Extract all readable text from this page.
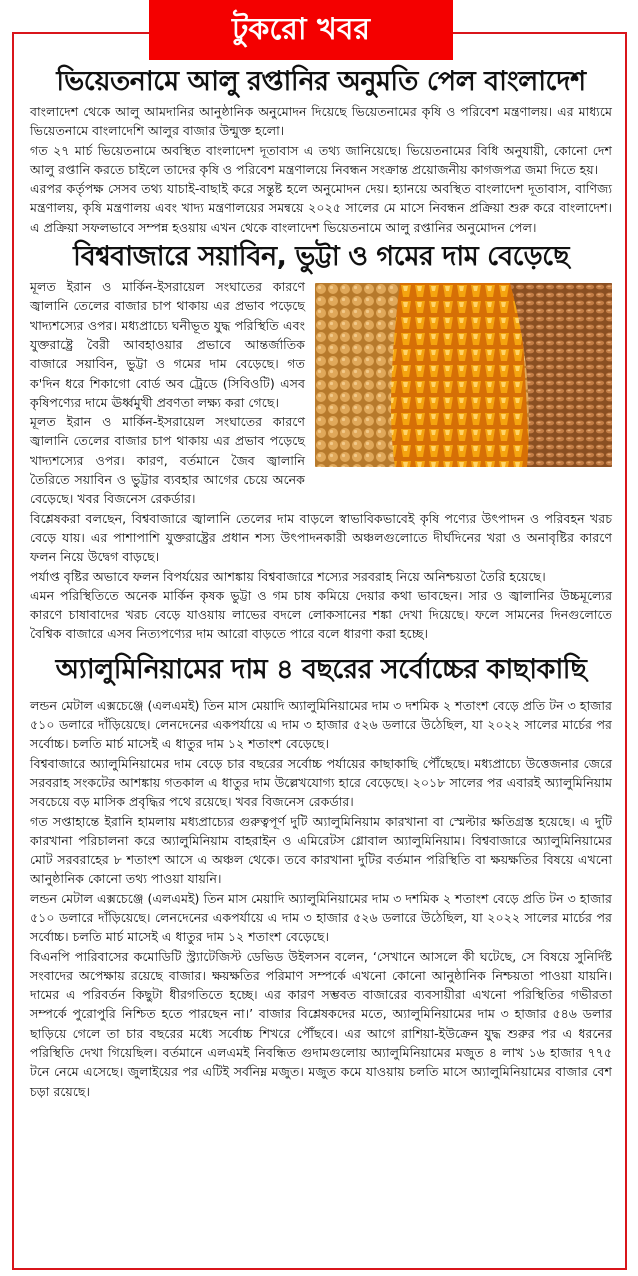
টুকরো খবর
ভিয়েতনামে আলু রপ্তানির অনুমতি পেল বাংলাদেশ

বাংলাদেশ থেকে আলু আমদানির আনুষ্ঠানিক অনুমোদন দিয়েছে ভিয়েতনামের কৃষি ও পরিবেশ মন্ত্রণালয়। এর মাধ্যমে ভিয়েতনামে বাংলাদেশি আলুর বাজার উন্মুক্ত হলো।

গত ২৭ মার্চ ভিয়েতনামে অবস্থিত বাংলাদেশ দূতাবাস এ তথ্য জানিয়েছে। ভিয়েতনামের বিধি অনুযায়ী, কোনো দেশ আলু রপ্তানি করতে চাইলে তাদের কৃষি ও পরিবেশ মন্ত্রণালয়ে নিবন্ধন সংক্রান্ত প্রয়োজনীয় কাগজপত্র জমা দিতে হয়।

এরপর কর্তৃপক্ষ সেসব তথ্য যাচাই-বাছাই করে সন্তুষ্ট হলে অনুমোদন দেয়। হ্যানয়ে অবস্থিত বাংলাদেশ দূতাবাস, বাণিজ্য মন্ত্রণালয়, কৃষি মন্ত্রণালয় এবং খাদ্য মন্ত্রণালয়ের সমন্বয়ে ২০২৫ সালের মে মাসে নিবন্ধন প্রক্রিয়া শুরু করে বাংলাদেশ। এ প্রক্রিয়া সফলভাবে সম্পন্ন হওয়ায় এখন থেকে বাংলাদেশ ভিয়েতনামে আলু রপ্তানির অনুমোদন পেল।

বিশ্ববাজারে সয়াবিন, ভুট্টা ও গমের দাম বেড়েছে

মূলত ইরান ও মার্কিন-ইসরায়েল সংঘাতের কারণে জ্বালানি তেলের বাজার চাপ থাকায় এর প্রভাব পড়েছে খাদ্যশস্যের ওপর। মধ্যপ্রাচ্যে ঘনীভূত যুদ্ধ পরিস্থিতি এবং যুক্তরাষ্ট্রে বৈরী আবহাওয়ার প্রভাবে আন্তর্জাতিক বাজারে সয়াবিন, ভুট্টা ও গমের দাম বেড়েছে। গত ক'দিন ধরে শিকাগো বোর্ড অব ট্রেডে (সিবিওটি) এসব কৃষিপণ্যের দামে ঊর্ধ্বমুখী প্রবণতা লক্ষ্য করা গেছে।

মূলত ইরান ও মার্কিন-ইসরায়েল সংঘাতের কারণে জ্বালানি তেলের বাজার চাপ থাকায় এর প্রভাব পড়েছে খাদ্যশস্যের ওপর। কারণ, বর্তমানে জৈব জ্বালানি তৈরিতে সয়াবিন ও ভুট্টার ব্যবহার আগের চেয়ে অনেক বেড়েছে। খবর বিজনেস রেকর্ডার।

বিশ্লেষকরা বলছেন, বিশ্ববাজারে জ্বালানি তেলের দাম বাড়লে স্বাভাবিকভাবেই কৃষি পণ্যের উৎপাদন ও পরিবহন খরচ বেড়ে যায়। এর পাশাপাশি যুক্তরাষ্ট্রের প্রধান শস্য উৎপাদনকারী অঞ্চলগুলোতে দীর্ঘদিনের খরা ও অনাবৃষ্টির কারণে ফলন নিয়ে উদ্বেগ বাড়ছে।

পর্যাপ্ত বৃষ্টির অভাবে ফলন বিপর্যয়ের আশঙ্কায় বিশ্ববাজারে শস্যের সরবরাহ নিয়ে অনিশ্চয়তা তৈরি হয়েছে।

এমন পরিস্থিতিতে অনেক মার্কিন কৃষক ভুট্টা ও গম চাষ কমিয়ে দেয়ার কথা ভাবছেন। সার ও জ্বালানির উচ্চমূল্যের কারণে চাষাবাদের খরচ বেড়ে যাওয়ায় লাভের বদলে লোকসানের শঙ্কা দেখা দিয়েছে। ফলে সামনের দিনগুলোতে বৈশ্বিক বাজারে এসব নিত্যপণ্যের দাম আরো বাড়তে পারে বলে ধারণা করা হচ্ছে।

অ্যালুমিনিয়ামের দাম ৪ বছরের সর্বোচ্চের কাছাকাছি

লন্ডন মেটাল এক্সচেঞ্জে (এলএমই) তিন মাস মেয়াদি অ্যালুমিনিয়ামের দাম ৩ দশমিক ২ শতাংশ বেড়ে প্রতি টন ৩ হাজার ৫১০ ডলারে দাঁড়িয়েছে। লেনদেনের একপর্যায়ে এ দাম ৩ হাজার ৫২৬ ডলারে উঠেছিল, যা ২০২২ সালের মার্চের পর সর্বোচ্চ। চলতি মার্চ মাসেই এ ধাতুর দাম ১২ শতাংশ বেড়েছে।

বিশ্ববাজারে অ্যালুমিনিয়ামের দাম বেড়ে চার বছরের সর্বোচ্চ পর্যায়ের কাছাকাছি পৌঁছেছে। মধ্যপ্রাচ্যে উত্তেজনার জেরে সরবরাহ সংকটের আশঙ্কায় গতকাল এ ধাতুর দাম উল্লেখযোগ্য হারে বেড়েছে। ২০১৮ সালের পর এবারই অ্যালুমিনিয়াম সবচেয়ে বড় মাসিক প্রবৃদ্ধির পথে রয়েছে। খবর বিজনেস রেকর্ডার।

গত সপ্তাহান্তে ইরানি হামলায় মধ্যপ্রাচ্যের গুরুত্বপূর্ণ দুটি অ্যালুমিনিয়াম কারখানা বা স্মেল্টার ক্ষতিগ্রস্ত হয়েছে। এ দুটি কারখানা পরিচালনা করে অ্যালুমিনিয়াম বাহরাইন ও এমিরেটস গ্লোবাল অ্যালুমিনিয়াম। বিশ্ববাজারে অ্যালুমিনিয়ামের মোট সরবরাহের ৮ শতাংশ আসে এ অঞ্চল থেকে। তবে কারখানা দুটির বর্তমান পরিস্থিতি বা ক্ষয়ক্ষতির বিষয়ে এখনো আনুষ্ঠানিক কোনো তথ্য পাওয়া যায়নি।

লন্ডন মেটাল এক্সচেঞ্জে (এলএমই) তিন মাস মেয়াদি অ্যালুমিনিয়ামের দাম ৩ দশমিক ২ শতাংশ বেড়ে প্রতি টন ৩ হাজার ৫১০ ডলারে দাঁড়িয়েছে। লেনদেনের একপর্যায়ে এ দাম ৩ হাজার ৫২৬ ডলারে উঠেছিল, যা ২০২২ সালের মার্চের পর সর্বোচ্চ। চলতি মার্চ মাসেই এ ধাতুর দাম ১২ শতাংশ বেড়েছে।

বিএনপি পারিবাসের কমোডিটি স্ট্র্যাটেজিস্ট ডেভিড উইলসন বলেন, ‘সেখানে আসলে কী ঘটেছে, সে বিষয়ে সুনির্দিষ্ট সংবাদের অপেক্ষায় রয়েছে বাজার। ক্ষয়ক্ষতির পরিমাণ সম্পর্কে এখনো কোনো আনুষ্ঠানিক নিশ্চয়তা পাওয়া যায়নি। দামের এ পরিবর্তন কিছুটা ধীরগতিতে হচ্ছে। এর কারণ সম্ভবত বাজারের ব্যবসায়ীরা এখনো পরিস্থিতির গভীরতা সম্পর্কে পুরোপুরি নিশ্চিত হতে পারছেন না।’ বাজার বিশ্লেষকদের মতে, অ্যালুমিনিয়ামের দাম ৩ হাজার ৫৪৬ ডলার ছাড়িয়ে গেলে তা চার বছরের মধ্যে সর্বোচ্চ শিখরে পৌঁছবে। এর আগে রাশিয়া-ইউক্রেন যুদ্ধ শুরুর পর এ ধরনের পরিস্থিতি দেখা গিয়েছিল। বর্তমানে এলএমই নিবন্ধিত গুদামগুলোয় অ্যালুমিনিয়ামের মজুত ৪ লাখ ১৬ হাজার ৭৭৫ টনে নেমে এসেছে। জুলাইয়ের পর এটিই সর্বনিম্ন মজুত। মজুত কমে যাওয়ায় চলতি মাসে অ্যালুমিনিয়ামের বাজার বেশ চড়া রয়েছে।
